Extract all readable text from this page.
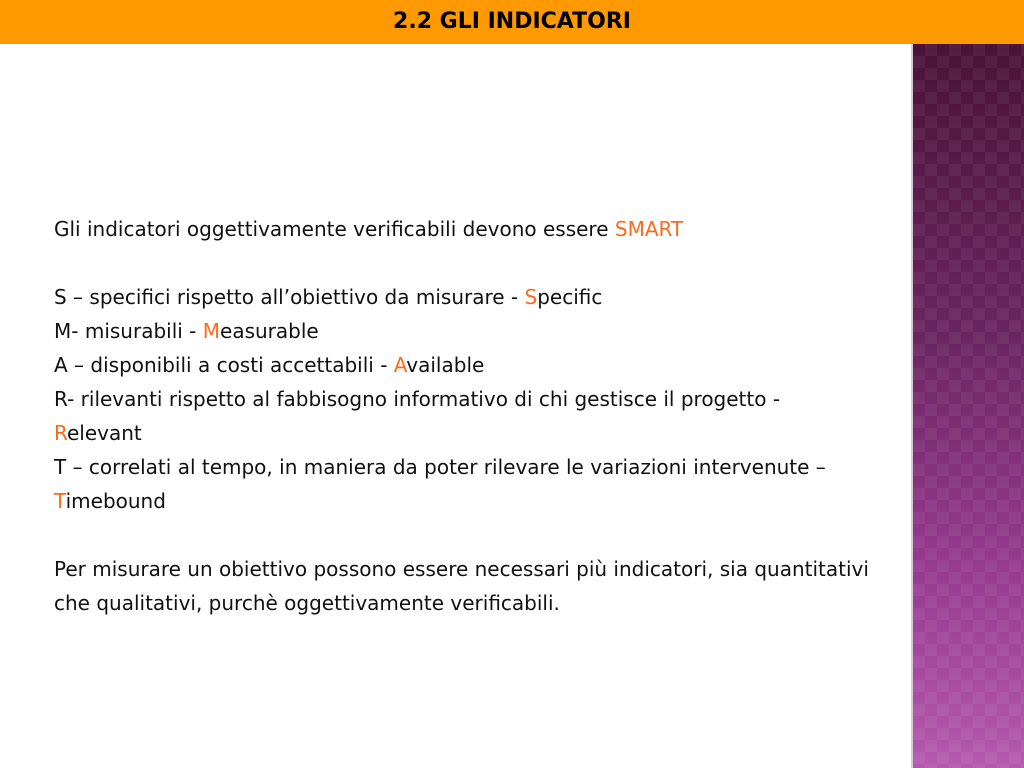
2.2 GLI INDICATORI

Gli indicatori oggettivamente verificabili devono essere SMART

S – specifici rispetto all’obiettivo da misurare - Specific

M- misurabili - Measurable

A – disponibili a costi accettabili - Available

R- rilevanti rispetto al fabbisogno informativo di chi gestisce il progetto - Relevant

T – correlati al tempo, in maniera da poter rilevare le variazioni intervenute – Timebound

Per misurare un obiettivo possono essere necessari più indicatori, sia quantitativi che qualitativi, purchè oggettivamente verificabili.
